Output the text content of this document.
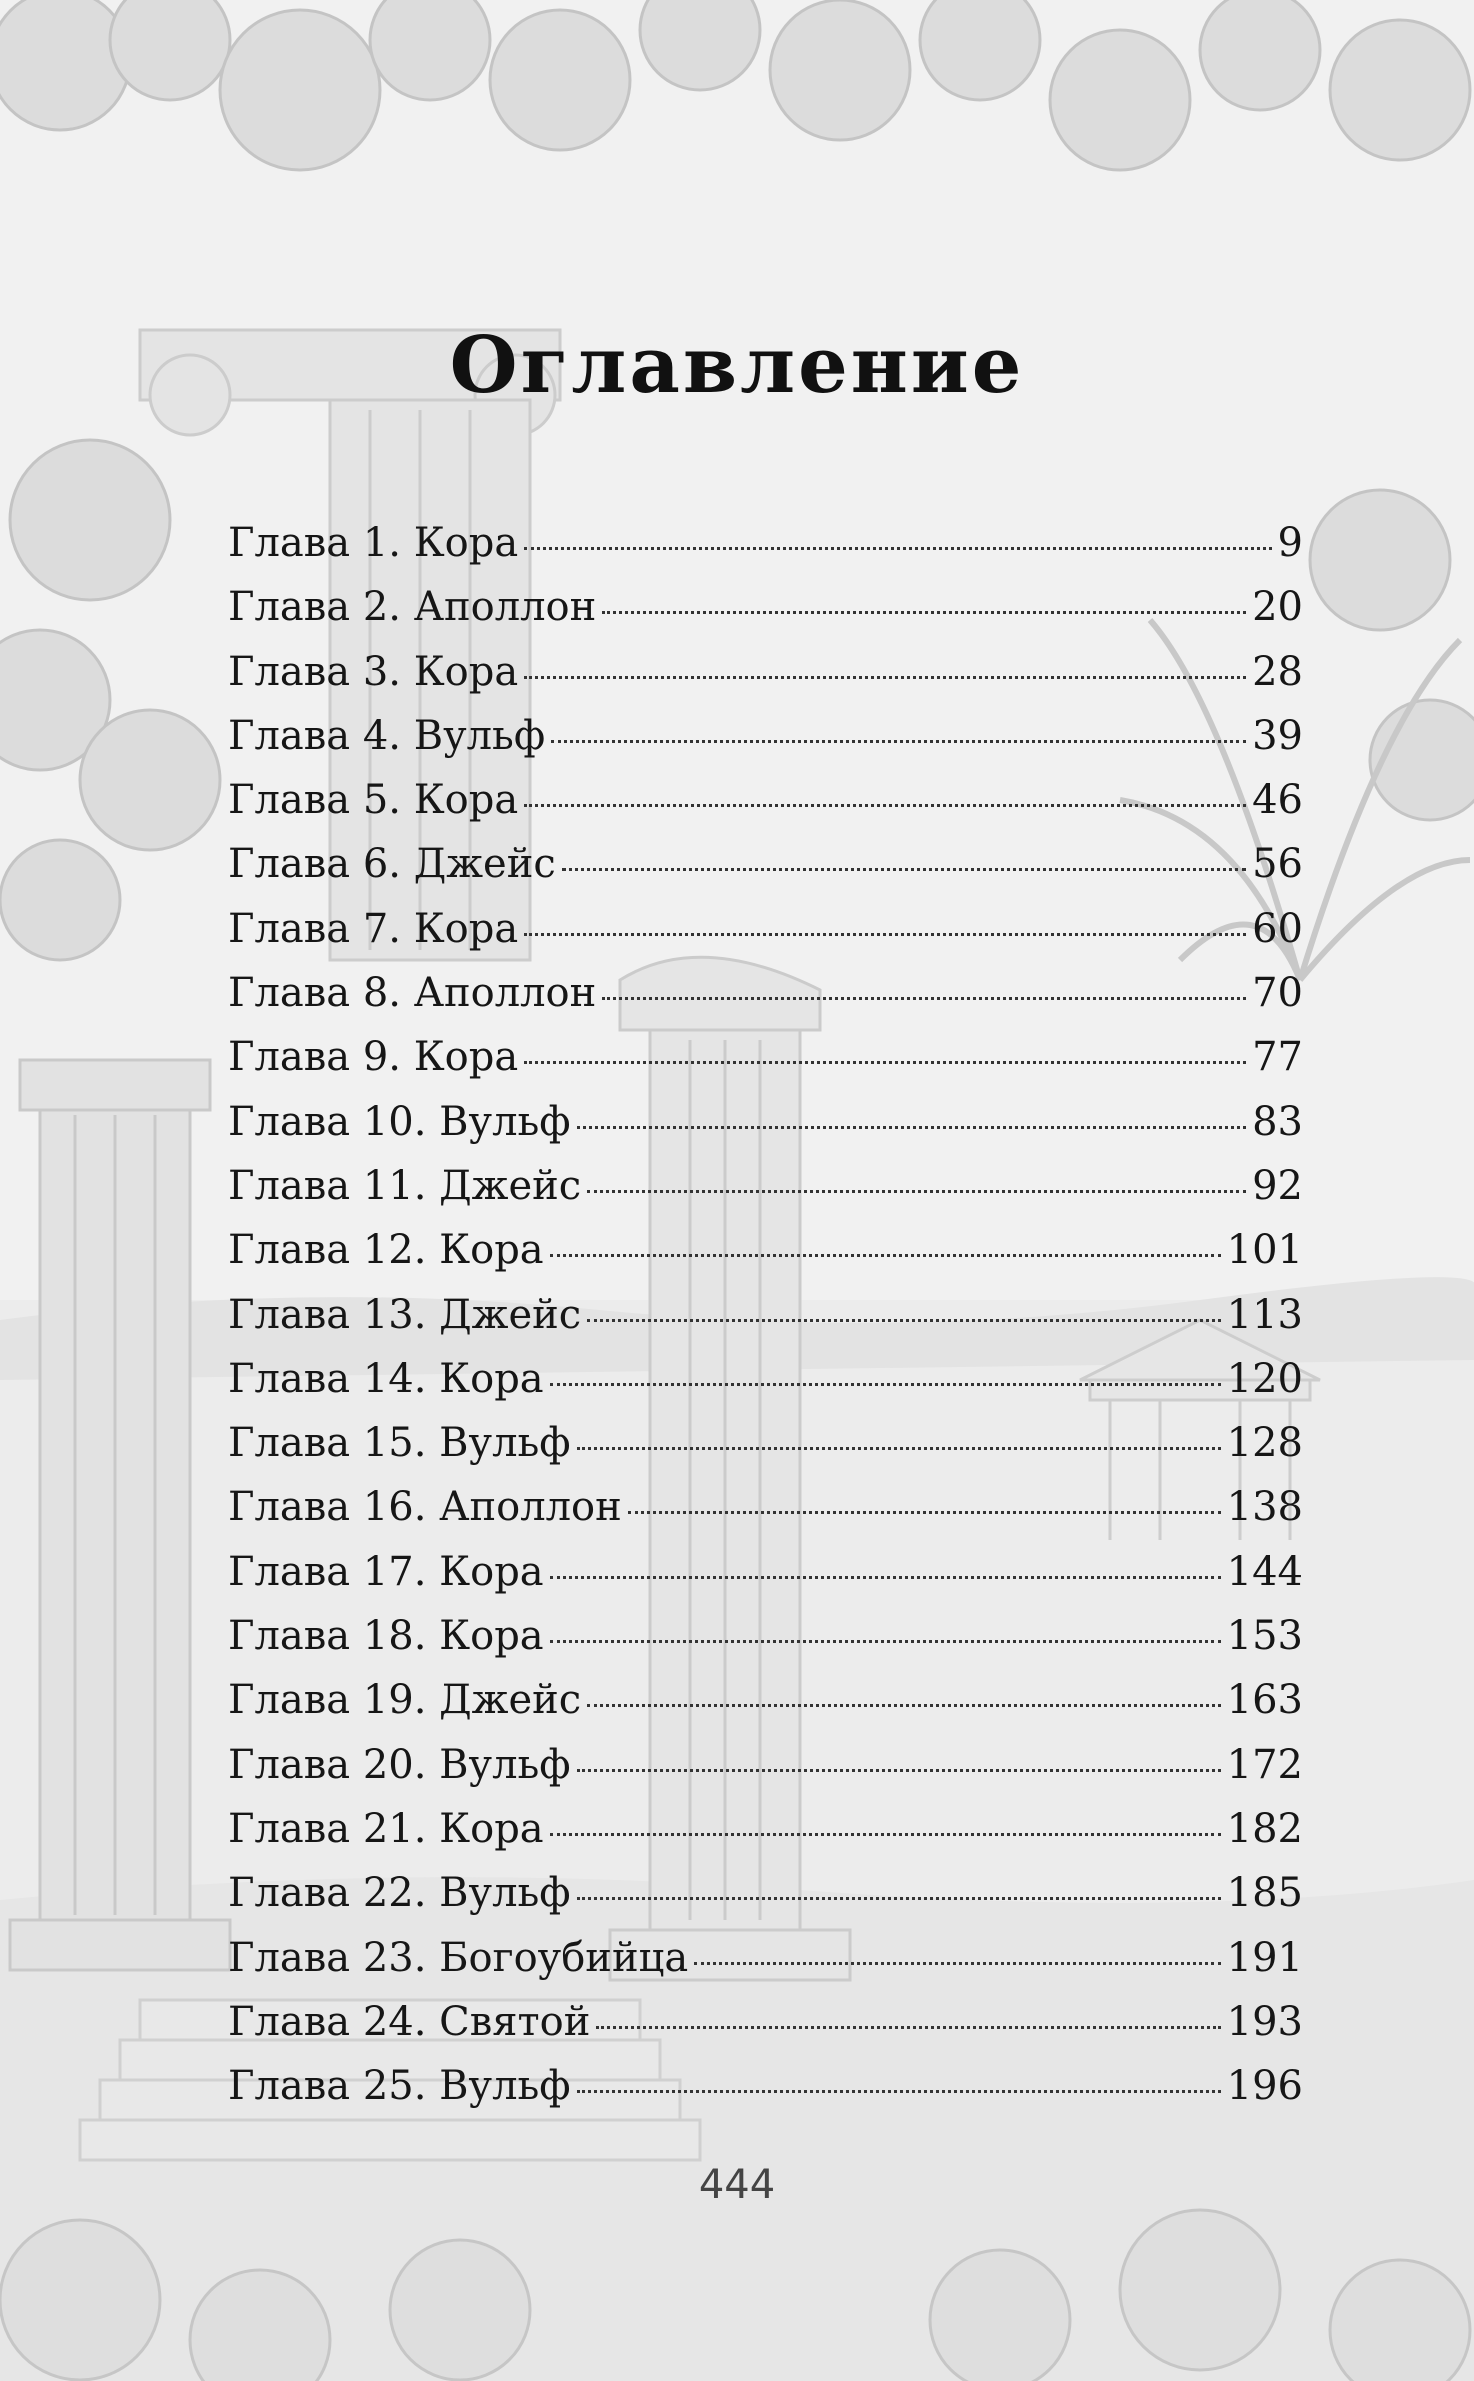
Оглавление
Глава 1. Кора	9
Глава 2. Аполлон	20
Глава 3. Кора	28
Глава 4. Вульф	39
Глава 5. Кора	46
Глава 6. Джейс	56
Глава 7. Кора	60
Глава 8. Аполлон	70
Глава 9. Кора	77
Глава 10. Вульф	83
Глава 11. Джейс	92
Глава 12. Кора	101
Глава 13. Джейс	113
Глава 14. Кора	120
Глава 15. Вульф	128
Глава 16. Аполлон	138
Глава 17. Кора	144
Глава 18. Кора	153
Глава 19. Джейс	163
Глава 20. Вульф	172
Глава 21. Кора	182
Глава 22. Вульф	185
Глава 23. Богоубийца	191
Глава 24. Святой	193
Глава 25. Вульф	196
444
